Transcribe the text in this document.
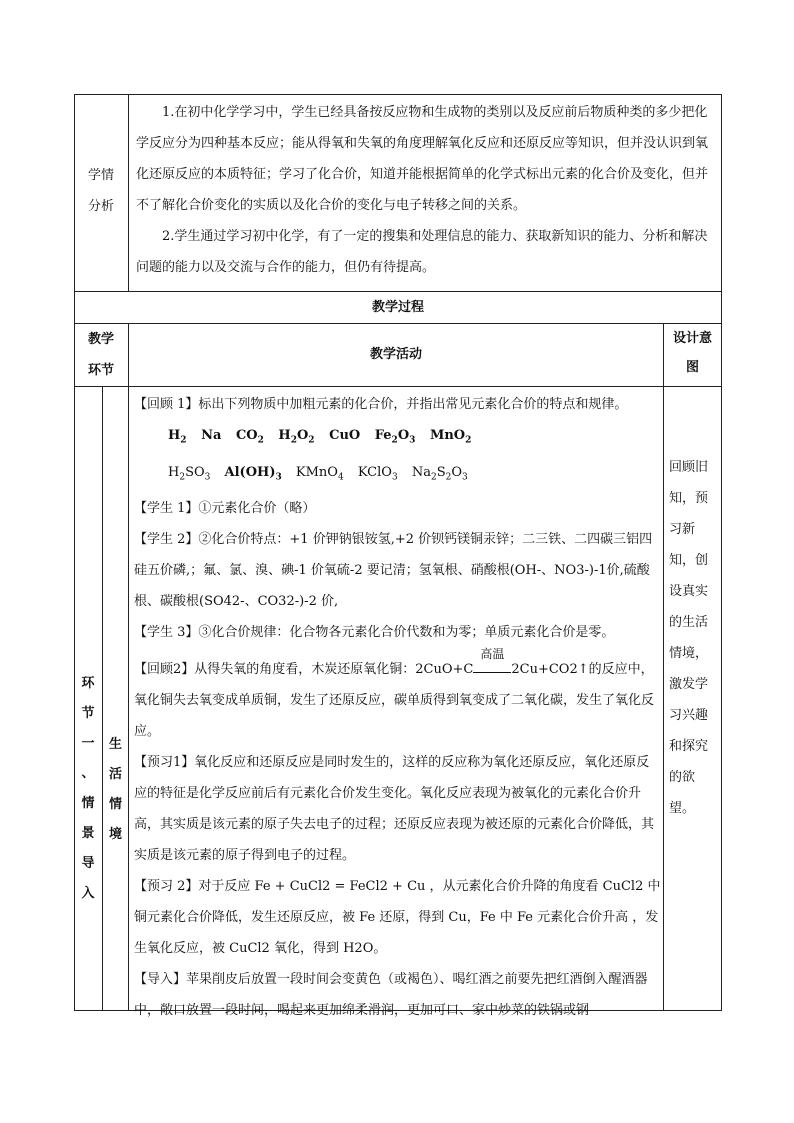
学情
分析

1.在初中化学学习中，学生已经具备按反应物和生成物的类别以及反应前后物质种类的多少把化学反应分为四种基本反应；能从得氧和失氧的角度理解氧化反应和还原反应等知识，但并没认识到氧化还原反应的本质特征；学习了化合价，知道并能根据简单的化学式标出元素的化合价及变化，但并不了解化合价变化的实质以及化合价的变化与电子转移之间的关系。

2.学生通过学习初中化学，有了一定的搜集和处理信息的能力、获取新知识的能力、分析和解决问题的能力以及交流与合作的能力，但仍有待提高。

教学过程
教学
环节
教学活动
设计意
图
环
节
一
、
情
景
导
入
生
活
情
境
回顾旧知，预习新知，创设真实的生活情境，激发学习兴趣和探究的欲望。

【回顾 1】标出下列物质中加粗元素的化合价，并指出常见元素化合价的特点和规律。

$H_2$ Na $CO_2$ $H_2O_2$ CuO $Fe_2O_3$ MnO$_2$

$H_2SO_3$ $Al(OH)_3$ KMnO$_4$ KClO$_3$ $Na_2S_2O_3$

【学生 1】①元素化合价（略）

【学生 2】②化合价特点：+1 价钾钠银铵氢,+2 价钡钙镁铜汞锌；二三铁、二四碳三铝四硅五价磷,；氟、氯、溴、碘-1 价氧硫-2 要记清；氢氧根、硝酸根(OH-、NO3-)-1价,硫酸根、碳酸根(SO42-、CO32-)-2 价,

【学生 3】③化合价规律：化合物各元素化合价代数和为零；单质元素化合价是零。

【回顾2】从得失氧的角度看，木炭还原氧化铜：2CuO+C
高温
2Cu+CO2↑的反应中，氧化铜失去氧变成单质铜，发生了还原反应，碳单质得到氧变成了二氧化碳，发生了氧化反应。

【预习1】氧化反应和还原反应是同时发生的，这样的反应称为氧化还原反应，氧化还原反应的特征是化学反应前后有元素化合价发生变化。氧化反应表现为被氧化的元素化合价升高，其实质是该元素的原子失去电子的过程；还原反应表现为被还原的元素化合价降低，其实质是该元素的原子得到电子的过程。

【预习 2】对于反应 Fe + CuCl2 = FeCl2 + Cu ，从元素化合价升降的角度看 CuCl2 中铜元素化合价降低，发生还原反应，被 Fe 还原，得到 Cu，Fe 中 Fe 元素化合价升高 ，发生氧化反应，被 CuCl2 氧化，得到 H2O。

【导入】苹果削皮后放置一段时间会变黄色（或褐色）、喝红酒之前要先把红酒倒入醒酒器中，敞口放置一段时间，喝起来更加绵柔滑润，更加可口、家中炒菜的铁锅或钢
